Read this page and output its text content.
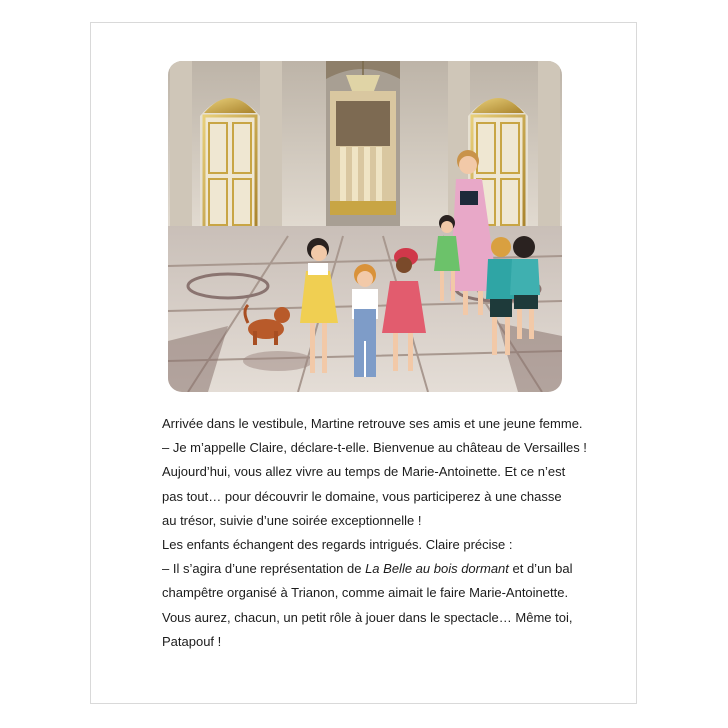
Arrivée dans le vestibule, Martine retrouve ses amis et une jeune femme.

– Je m’appelle Claire, déclare-t-elle. Bienvenue au château de Versailles !

Aujourd’hui, vous allez vivre au temps de Marie-Antoinette. Et ce n’est

pas tout… pour découvrir le domaine, vous participerez à une chasse

au trésor, suivie d’une soirée exceptionnelle !

Les enfants échangent des regards intrigués. Claire précise :

– Il s’agira d’une représentation de La Belle au bois dormant et d’un bal

champêtre organisé à Trianon, comme aimait le faire Marie-Antoinette.

Vous aurez, chacun, un petit rôle à jouer dans le spectacle… Même toi,

Patapouf !
